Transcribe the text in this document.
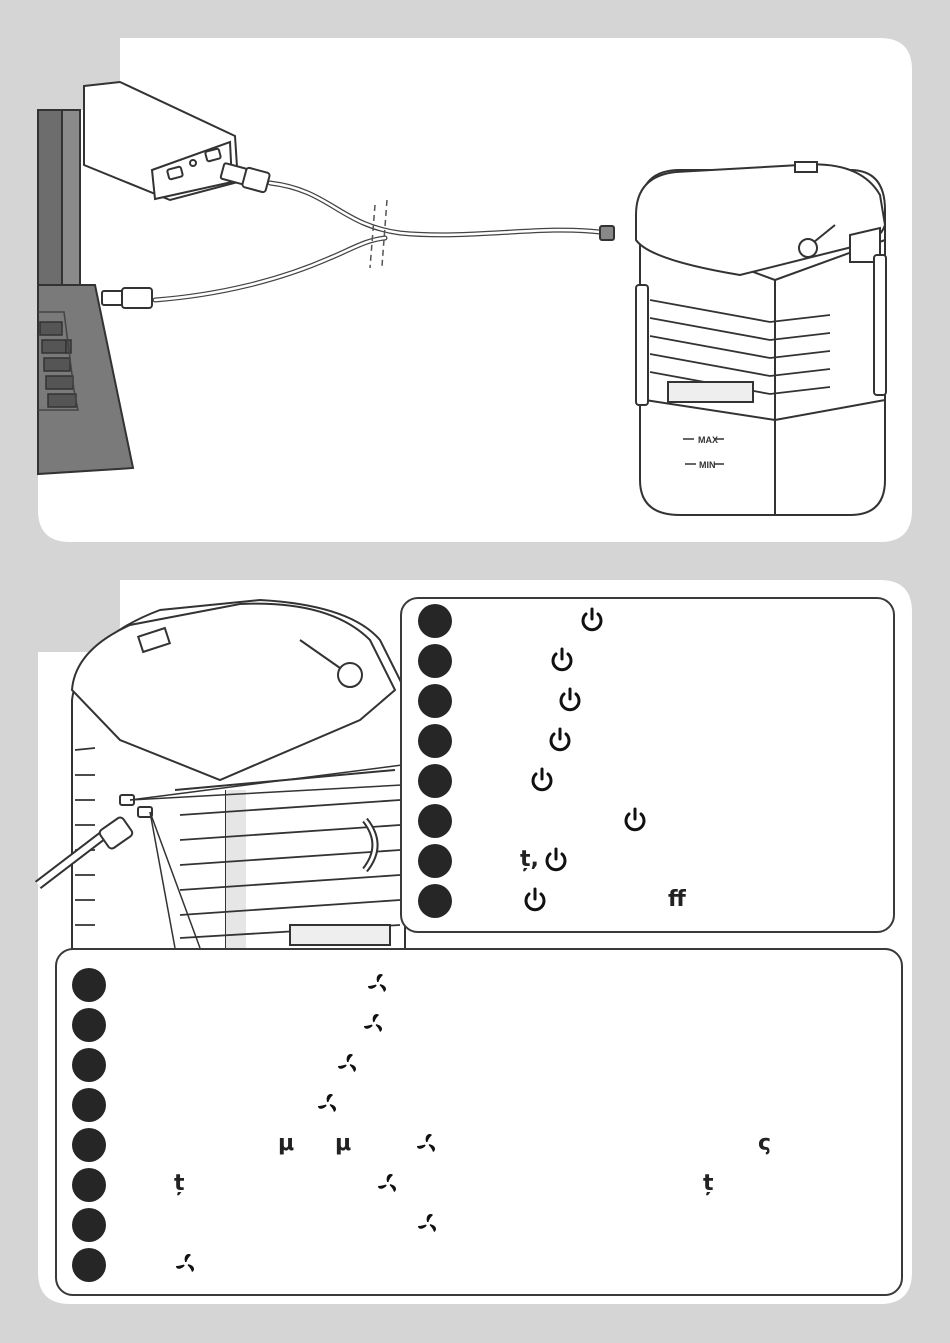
MAX
MIN
ț,
ff
μ μ	ς
ț	ț
